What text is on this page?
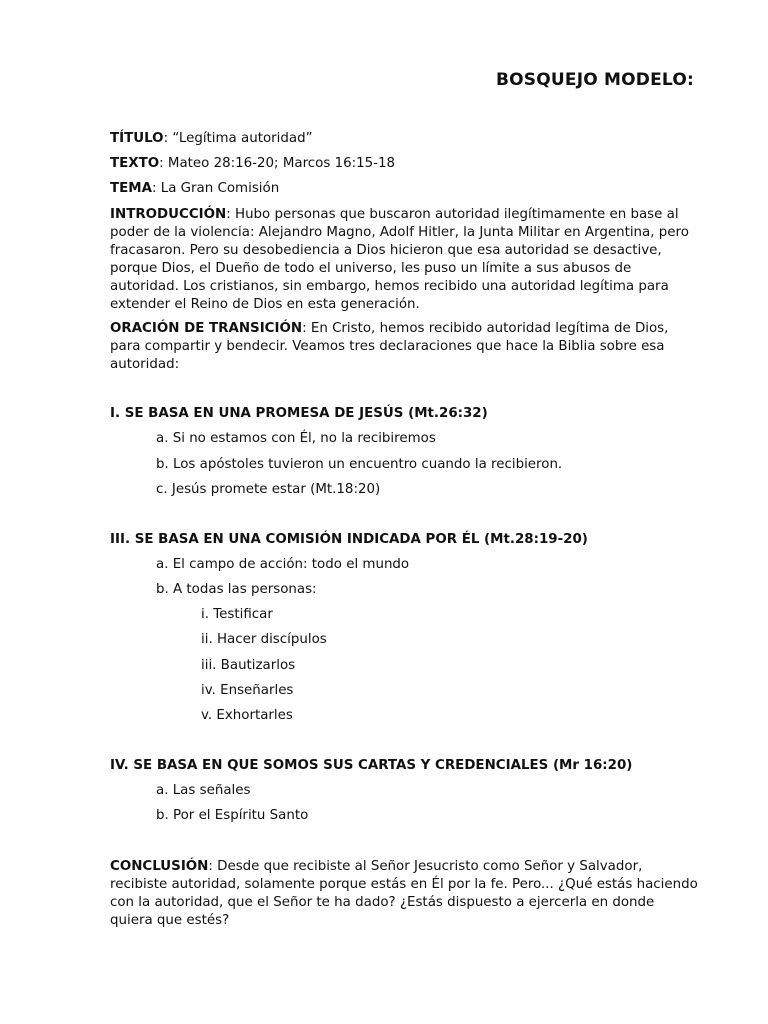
BOSQUEJO MODELO:
TÍTULO: “Legítima autoridad”
TEXTO: Mateo 28:16-20; Marcos 16:15-18
TEMA: La Gran Comisión
INTRODUCCIÓN: Hubo personas que buscaron autoridad ilegítimamente en base al poder de la violencia: Alejandro Magno, Adolf Hitler, la Junta Militar en Argentina, pero fracasaron. Pero su desobediencia a Dios hicieron que esa autoridad se desactive, porque Dios, el Dueño de todo el universo, les puso un límite a sus abusos de autoridad. Los cristianos, sin embargo, hemos recibido una autoridad legítima para extender el Reino de Dios en esta generación.
ORACIÓN DE TRANSICIÓN: En Cristo, hemos recibido autoridad legítima de Dios, para compartir y bendecir. Veamos tres declaraciones que hace la Biblia sobre esa autoridad:
I. SE BASA EN UNA PROMESA DE JESÚS (Mt.26:32)
a. Si no estamos con Él, no la recibiremos
b. Los apóstoles tuvieron un encuentro cuando la recibieron.
c. Jesús promete estar (Mt.18:20)
III. SE BASA EN UNA COMISIÓN INDICADA POR ÉL (Mt.28:19-20)
a. El campo de acción: todo el mundo
b. A todas las personas:
i. Testificar
ii. Hacer discípulos
iii. Bautizarlos
iv. Enseñarles
v. Exhortarles
IV. SE BASA EN QUE SOMOS SUS CARTAS Y CREDENCIALES (Mr 16:20)
a. Las señales
b. Por el Espíritu Santo
CONCLUSIÓN: Desde que recibiste al Señor Jesucristo como Señor y Salvador, recibiste autoridad, solamente porque estás en Él por la fe. Pero... ¿Qué estás haciendo con la autoridad, que el Señor te ha dado? ¿Estás dispuesto a ejercerla en donde quiera que estés?
